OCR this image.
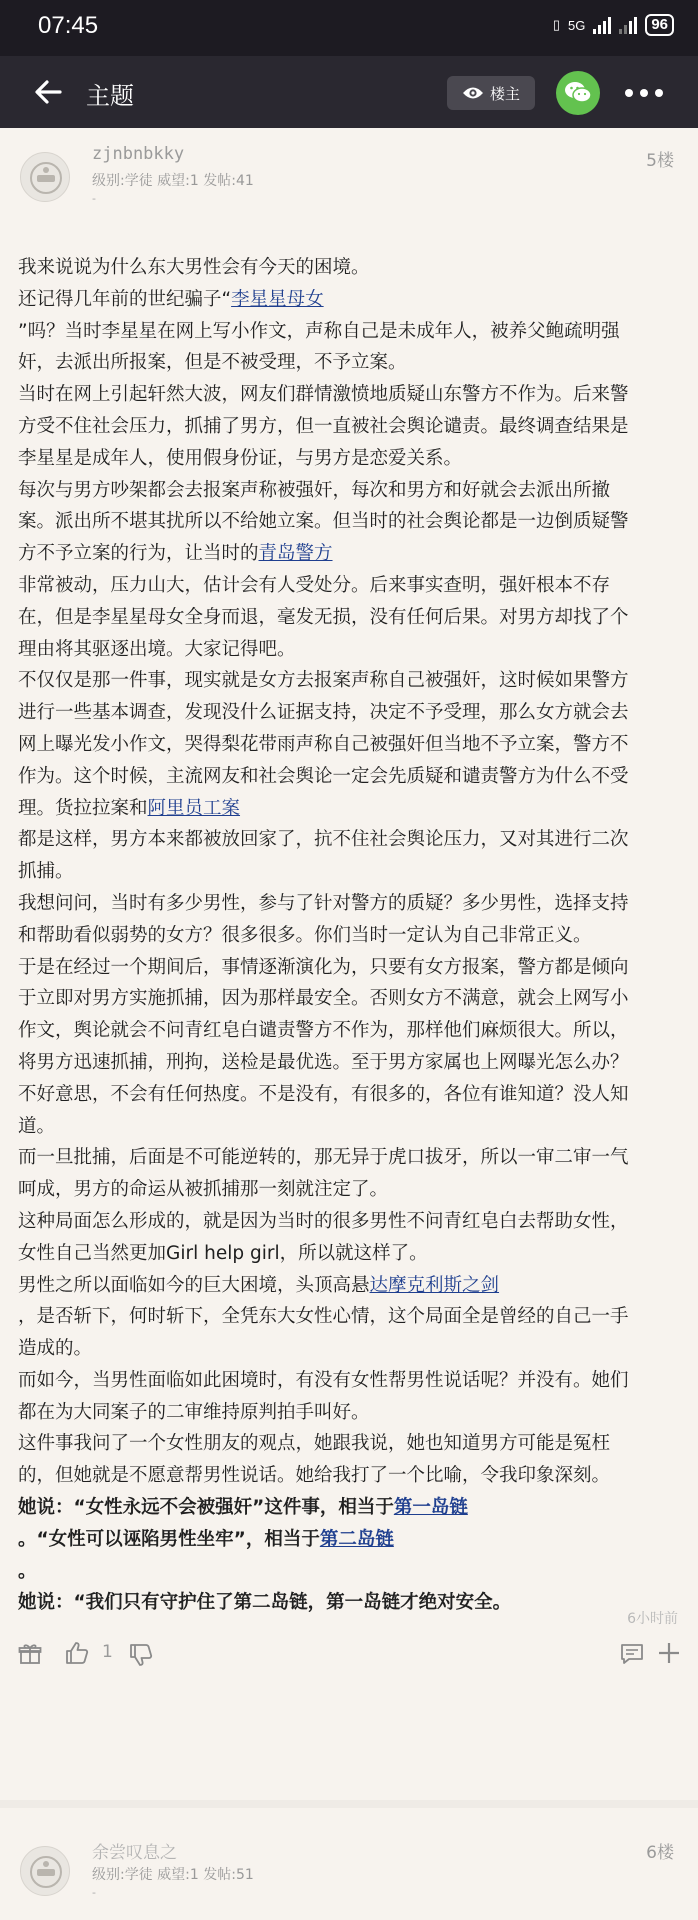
07:45	▯ 5G	96
主题	楼主
zjnbnbkky
级别:学徒 威望:1 发帖:41
-
5楼

我来说说为什么东大男性会有今天的困境。

还记得几年前的世纪骗子“李星星母女

”吗？当时李星星在网上写小作文，声称自己是未成年人，被养父鲍疏明强

奸，去派出所报案，但是不被受理，不予立案。

当时在网上引起轩然大波，网友们群情激愤地质疑山东警方不作为。后来警

方受不住社会压力，抓捕了男方，但一直被社会舆论谴责。最终调查结果是

李星星是成年人，使用假身份证，与男方是恋爱关系。

每次与男方吵架都会去报案声称被强奸，每次和男方和好就会去派出所撤

案。派出所不堪其扰所以不给她立案。但当时的社会舆论都是一边倒质疑警

方不予立案的行为，让当时的青岛警方

非常被动，压力山大，估计会有人受处分。后来事实查明，强奸根本不存

在，但是李星星母女全身而退，毫发无损，没有任何后果。对男方却找了个

理由将其驱逐出境。大家记得吧。

不仅仅是那一件事，现实就是女方去报案声称自己被强奸，这时候如果警方

进行一些基本调查，发现没什么证据支持，决定不予受理，那么女方就会去

网上曝光发小作文，哭得梨花带雨声称自己被强奸但当地不予立案，警方不

作为。这个时候，主流网友和社会舆论一定会先质疑和谴责警方为什么不受

理。货拉拉案和阿里员工案

都是这样，男方本来都被放回家了，抗不住社会舆论压力，又对其进行二次

抓捕。

我想问问，当时有多少男性，参与了针对警方的质疑？多少男性，选择支持

和帮助看似弱势的女方？很多很多。你们当时一定认为自己非常正义。

于是在经过一个期间后，事情逐渐演化为，只要有女方报案，警方都是倾向

于立即对男方实施抓捕，因为那样最安全。否则女方不满意，就会上网写小

作文，舆论就会不问青红皂白谴责警方不作为，那样他们麻烦很大。所以，

将男方迅速抓捕，刑拘，送检是最优选。至于男方家属也上网曝光怎么办？

不好意思，不会有任何热度。不是没有，有很多的，各位有谁知道？没人知

道。

而一旦批捕，后面是不可能逆转的，那无异于虎口拔牙，所以一审二审一气

呵成，男方的命运从被抓捕那一刻就注定了。

这种局面怎么形成的，就是因为当时的很多男性不问青红皂白去帮助女性，

女性自己当然更加Girl help girl，所以就这样了。

男性之所以面临如今的巨大困境，头顶高悬达摩克利斯之剑

，是否斩下，何时斩下，全凭东大女性心情，这个局面全是曾经的自己一手

造成的。

而如今，当男性面临如此困境时，有没有女性帮男性说话呢？并没有。她们

都在为大同案子的二审维持原判拍手叫好。

这件事我问了一个女性朋友的观点，她跟我说，她也知道男方可能是冤枉

的，但她就是不愿意帮男性说话。她给我打了一个比喻，令我印象深刻。

她说：“女性永远不会被强奸”这件事，相当于第一岛链

。“女性可以诬陷男性坐牢”，相当于第二岛链

。

她说：“我们只有守护住了第二岛链，第一岛链才绝对安全。

6小时前
1
余尝叹息之
级别:学徒 威望:1 发帖:51
-
6楼
